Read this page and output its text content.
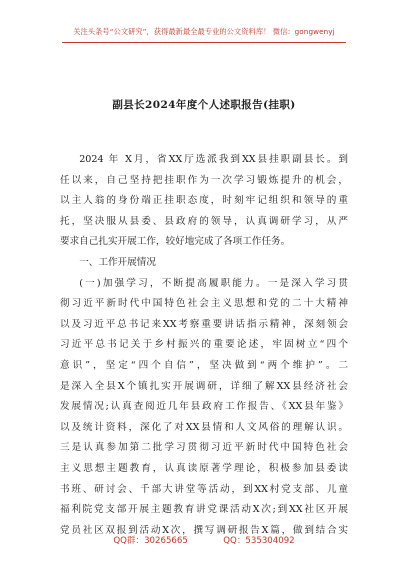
关注头条号“公文研究”，获得最新最全最专业的公文资料库！ 微信：gongwenyj
副县长2024年度个人述职报告(挂职)

2024 年 X月，省XX厅选派我到XX县挂职副县长。到

任以来，自己坚持把挂职作为一次学习锻炼提升的机会，

以主人翁的身份端正挂职态度，时刻牢记组织和领导的重

托，坚决服从县委、县政府的领导，认真调研学习，从严

要求自己扎实开展工作，较好地完成了各项工作任务。

一、工作开展情况

(一)加强学习，不断提高履职能力。一是深入学习贯

彻习近平新时代中国特色社会主义思想和党的二十大精神

以及习近平总书记来XX考察重要讲话指示精神，深刻领会

习近平总书记关于乡村振兴的重要论述，牢固树立“四个

意识”，坚定“四个自信”，坚决做到“两个维护”。二

是深入全县X个镇扎实开展调研，详细了解XX县经济社会

发展情况;认真查阅近几年县政府工作报告、《XX县年鉴》

以及统计资料，深化了对XX县情和人文风俗的理解认识。

三是认真参加第二批学习贯彻习近平新时代中国特色社会

主义思想主题教育，认真读原著学理论，积极参加县委读

书班、研讨会、千部大讲堂等活动，到XX村党支部、儿童

福利院党支部开展主题教育讲党课活动X次;到XX社区开展

党员社区双报到活动X次，撰写调研报告X篇，做到结合实

QQ群：30265665	QQ：535304092
